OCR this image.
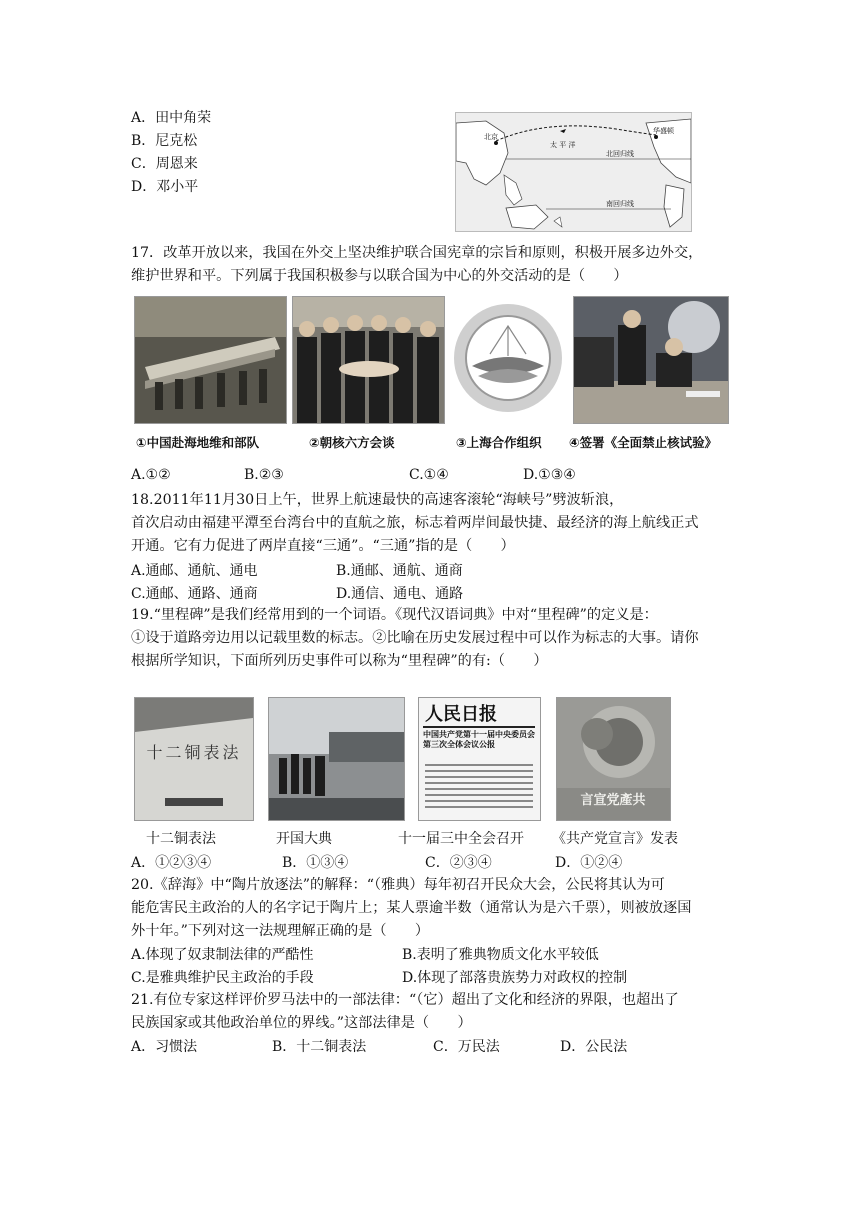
A．田中角荣
B．尼克松
C．周恩来
D．邓小平
北京
太 平 洋
华盛顿
北回归线
南回归线
17．改革开放以来，我国在外交上坚决维护联合国宪章的宗旨和原则，积极开展多边外交，
维护世界和平。下列属于我国积极参与以联合国为中心的外交活动的是（　　）
①中国赴海地维和部队	②朝核六方会谈	③上海合作组织 ④签署《全面禁止核试验》
A.①②	B.②③	C.①④	D.①③④
18.2011年11月30日上午，世界上航速最快的高速客滚轮“海峡号”劈波斩浪，
首次启动由福建平潭至台湾台中的直航之旅，标志着两岸间最快捷、最经济的海上航线正式
开通。它有力促进了两岸直接“三通”。“三通”指的是（　　）
A.通邮、通航、通电	B.通邮、通航、通商
C.通邮、通路、通商	D.通信、通电、通路
19.“里程碑”是我们经常用到的一个词语。《现代汉语词典》中对“里程碑”的定义是：
①设于道路旁边用以记载里数的标志。②比喻在历史发展过程中可以作为标志的大事。请你
根据所学知识，下面所列历史事件可以称为“里程碑”的有:（　　）
十二铜表法
人民日报
中国共产党第十一届中央委员会第三次全体会议公报
言宣党產共
十二铜表法	开国大典	十一届三中全会召开 《共产党宣言》发表
A．①②③④	B．①③④	C．②③④	D．①②④
20.《辞海》中“陶片放逐法”的解释：“（雅典）每年初召开民众大会，公民将其认为可
能危害民主政治的人的名字记于陶片上；某人票逾半数（通常认为是六千票），则被放逐国
外十年。”下列对这一法规理解正确的是（　　）
A.体现了奴隶制法律的严酷性	B.表明了雅典物质文化水平较低
C.是雅典维护民主政治的手段	D.体现了部落贵族势力对政权的控制
21.有位专家这样评价罗马法中的一部法律：“（它）超出了文化和经济的界限，也超出了
民族国家或其他政治单位的界线。”这部法律是（　　）
A．习惯法	B．十二铜表法	C．万民法	D．公民法
